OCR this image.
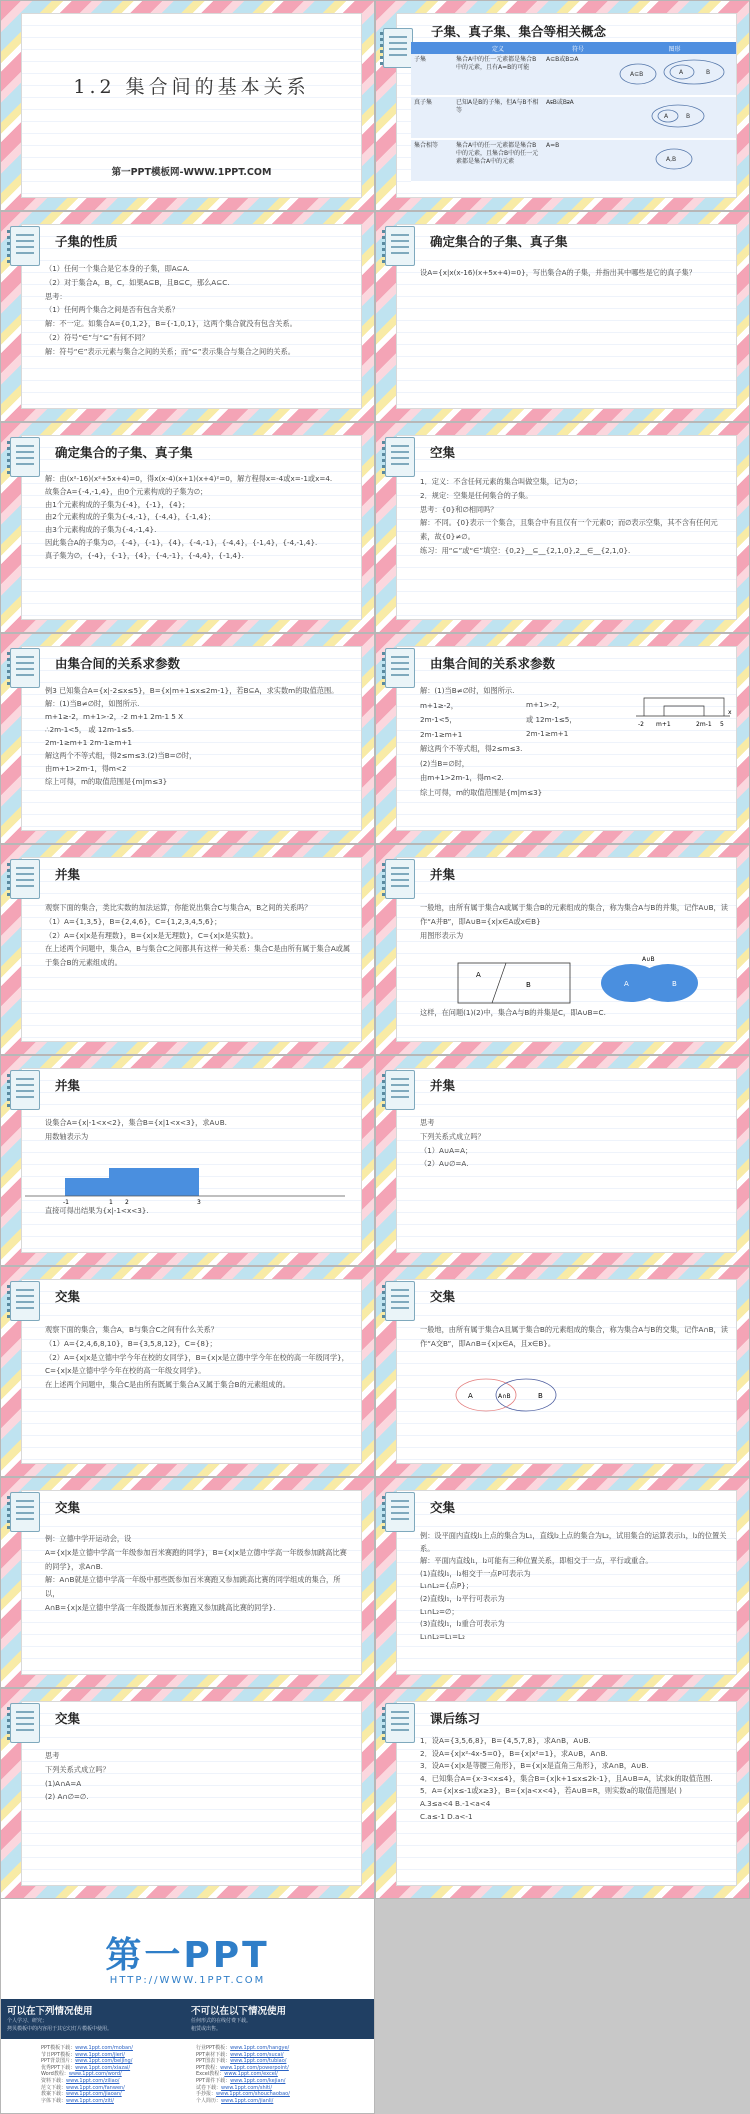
1.2 集合间的基本关系
第一PPT模板网-WWW.1PPT.COM
子集、真子集、集合等相关概念
	定义	符号	图形
子集	集合A中的任一元素都是集合B中的元素，且有A=B的可能	A⊆B或B⊇A	A⊆B A B

真子集	已知A是B的子集，但A与B不相等	A⫋B或B⫌A	A B

集合相等	集合A中的任一元素都是集合B中的元素，且集合B中的任一元素都是集合A中的元素	A=B	A,B
子集的性质

（1）任何一个集合是它本身的子集，即A⊆A.

（2）对于集合A，B，C，如果A⊆B，且B⊆C，那么A⊆C.

思考：

（1）任何两个集合之间是否有包含关系？

解：不一定。如集合A={0,1,2}，B={-1,0,1}，这两个集合就没有包含关系。

（2）符号“∈”与“⊆”有何不同？

解：符号“∈”表示元素与集合之间的关系；而“⊆”表示集合与集合之间的关系。

确定集合的子集、真子集

设A={x|x(x-16)(x+5x+4)=0}，写出集合A的子集，并指出其中哪些是它的真子集？

确定集合的子集、真子集

解：由(x²-16)(x²+5x+4)=0，得x(x-4)(x+1)(x+4)²=0，解方程得x=-4或x=-1或x=4.

故集合A={-4,-1,4}，由0个元素构成的子集为∅；

由1个元素构成的子集为{-4}，{-1}，{4}；

由2个元素构成的子集为{-4,-1}，{-4,4}，{-1,4}；

由3个元素构成的子集为{-4,-1,4}.

因此集合A的子集为∅，{-4}，{-1}，{4}，{-4,-1}，{-4,4}，{-1,4}，{-4,-1,4}.

真子集为∅，{-4}，{-1}，{4}，{-4,-1}，{-4,4}，{-1,4}.

空集

1．定义：不含任何元素的集合叫做空集，记为∅；

2．规定：空集是任何集合的子集。

思考：{0}和∅相同吗？

解：不同。{0}表示一个集合，且集合中有且仅有一个元素0；而∅表示空集，其不含有任何元素，故{0}≠∅。

练习：用“⊆”或“∈”填空：{0,2}__⊆__{2,1,0},2__∈__{2,1,0}.

由集合间的关系求参数

例3 已知集合A={x|-2≤x≤5}，B={x|m+1≤x≤2m-1}，若B⊆A，求实数m的取值范围。

解：(1)当B≠∅时，如图所示.

m+1≥-2，m+1>-2，-2 m+1 2m-1 5 X

∴2m-1<5， 或 12m-1≤5.

2m-1≥m+1 2m-1≥m+1

解这两个不等式组，得2≤m≤3.(2)当B=∅时，

由m+1>2m-1，得m<2

综上可得，m的取值范围是{m|m≤3}

由集合间的关系求参数

解：(1)当B≠∅时，如图所示.

m+1≥-2，

2m-1<5，

2m-1≥m+1

解这两个不等式组，得2≤m≤3.

(2)当B=∅时，

由m+1>2m-1，得m<2.

综上可得，m的取值范围是{m|m≤3}

m+1>-2，

或 12m-1≤5，

2m-1≥m+1

-2 m+1	2m-1 5
x
并集

观察下面的集合，类比实数的加法运算，你能说出集合C与集合A，B之间的关系吗？

（1）A={1,3,5}，B={2,4,6}，C={1,2,3,4,5,6}；

（2）A={x|x是有理数}，B={x|x是无理数}，C={x|x是实数}。

在上述两个问题中，集合A，B与集合C之间都具有这样一种关系：集合C是由所有属于集合A或属于集合B的元素组成的。

并集

一般地，由所有属于集合A或属于集合B的元素组成的集合，称为集合A与B的并集，记作A∪B，读作“A并B”，即A∪B={x|x∈A或x∈B}

用图形表示为

这样，在问题(1)(2)中，集合A与B的并集是C，即A∪B=C.

A
B	A	B
A∪B
并集

设集合A={x|-1<x<2}，集合B={x|1<x<3}，求A∪B.

用数轴表示为

直接可得出结果为{x|-1<x<3}.

-1	1 2	3
并集

思考

下列关系式成立吗？

（1）A∪A=A；

（2）A∪∅=A.

交集

观察下面的集合，集合A，B与集合C之间有什么关系？

（1）A={2,4,6,8,10}，B={3,5,8,12}，C={8}；

（2）A={x|x是立德中学今年在校的女同学}，B={x|x是立德中学今年在校的高一年级同学}，C={x|x是立德中学今年在校的高一年级女同学}。

在上述两个问题中，集合C是由所有既属于集合A又属于集合B的元素组成的。

交集

一般地，由所有属于集合A且属于集合B的元素组成的集合，称为集合A与B的交集，记作A∩B，读作“A交B”，即A∩B={x|x∈A，且x∈B}。

A	A∩B	B
交集

例：立德中学开运动会，设

A={x|x是立德中学高一年级参加百米赛跑的同学}，B={x|x是立德中学高一年级参加跳高比赛的同学}，求A∩B.

解：A∩B就是立德中学高一年级中那些既参加百米赛跑又参加跳高比赛的同学组成的集合，所以，

A∩B={x|x是立德中学高一年级既参加百米赛跑又参加跳高比赛的同学}.

交集

例：设平面内直线l₁上点的集合为L₁，直线l₂上点的集合为L₂，试用集合的运算表示l₁，l₂的位置关系。

解：平面内直线l₁，l₂可能有三种位置关系，即相交于一点，平行或重合。

(1)直线l₁，l₂相交于一点P可表示为

L₁∩L₂={点P}；

(2)直线l₁，l₂平行可表示为

L₁∩L₂=∅；

(3)直线l₁，l₂重合可表示为

L₁∩L₂=L₁=L₂

交集

思考

下列关系式成立吗？

(1)A∩A=A

(2) A∩∅=∅.

课后练习

1．设A={3,5,6,8}，B={4,5,7,8}，求A∩B，A∪B.

2．设A={x|x²-4x-5=0}，B={x|x²=1}，求A∪B，A∩B.

3．设A={x|x是等腰三角形}，B={x|x是直角三角形}，求A∩B，A∪B.

4．已知集合A={x-3<x≤4}，集合B={x|k+1≤x≤2k-1}，且A∪B=A，试求k的取值范围.

5．A={x|x≤-1或x≥3}，B={x|a<x<4}，若A∪B=R，则实数a的取值范围是( )

A.3≤a<4 B.-1<a<4

C.a≤-1 D.a<-1

第一PPT
HTTP://WWW.1PPT.COM
可以在下列情况使用
个人学习、研究；
拷贝模板中的内容用于其它幻灯片模板中使用。
不可以在以下情况使用
任何形式的在线付费下载。
租赁或出售。
PPT模板下载：www.1ppt.com/moban/
节日PPT模板：www.1ppt.com/jieri/
PPT背景图片：www.1ppt.com/beijing/
优秀PPT下载：www.1ppt.com/xiazai/
Word教程：www.1ppt.com/word/
资料下载：www.1ppt.com/ziliao/
范文下载：www.1ppt.com/fanwen/
教案下载：www.1ppt.com/jiaoan/
字体下载：www.1ppt.com/ziti/
行业PPT模板：www.1ppt.com/hangye/
PPT素材下载：www.1ppt.com/sucai/
PPT图表下载：www.1ppt.com/tubiao/
PPT教程：www.1ppt.com/powerpoint/
Excel教程：www.1ppt.com/excel/
PPT课件下载：www.1ppt.com/kejian/
试卷下载：www.1ppt.com/shiti/
手抄报：www.1ppt.com/shouchaobao/
个人简历：www.1ppt.com/jianli/
